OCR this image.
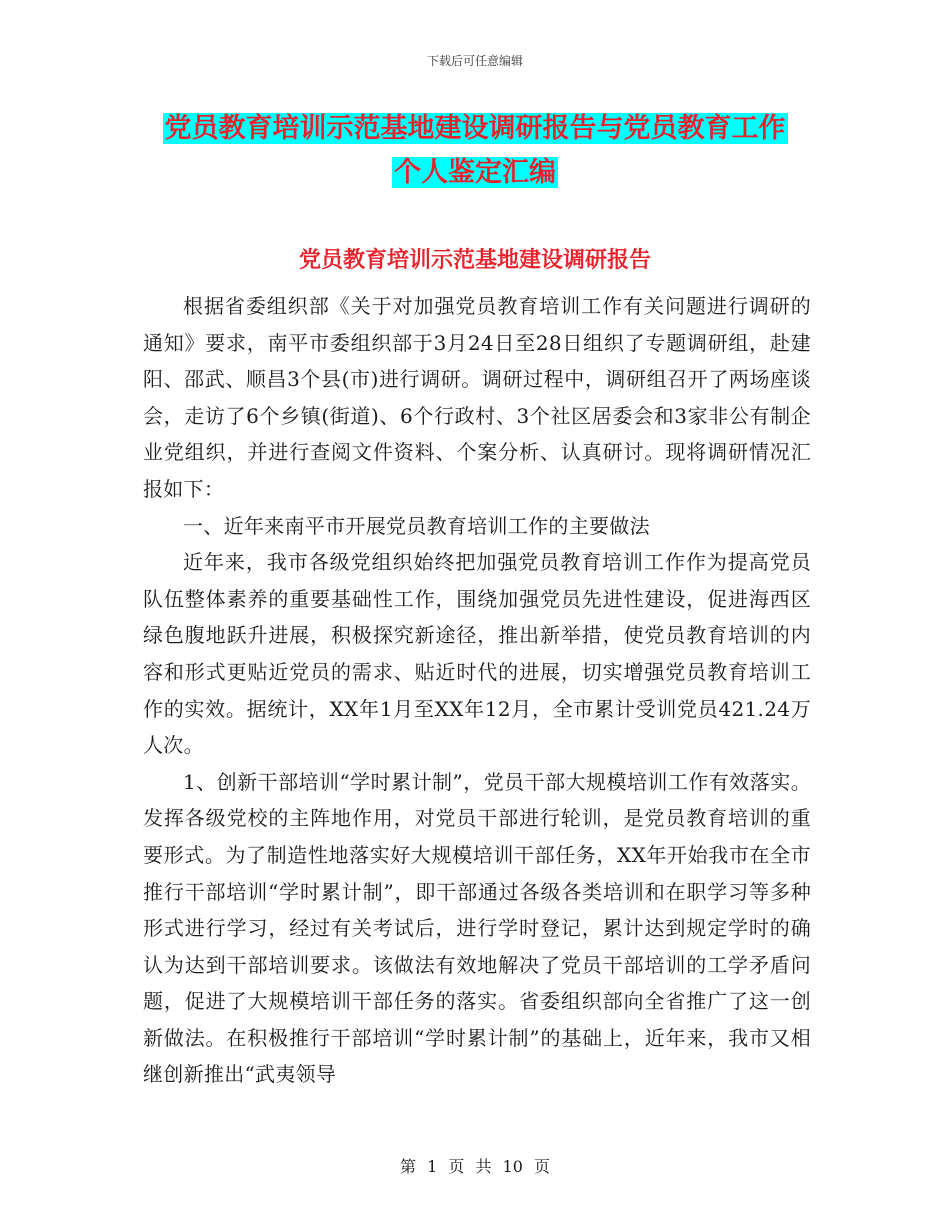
下载后可任意编辑
党员教育培训示范基地建设调研报告与党员教育工作
个人鉴定汇编
党员教育培训示范基地建设调研报告

根据省委组织部《关于对加强党员教育培训工作有关问题进行调研的通知》要求，南平市委组织部于3月24日至28日组织了专题调研组，赴建阳、邵武、顺昌3个县(市)进行调研。调研过程中，调研组召开了两场座谈会，走访了6个乡镇(街道)、6个行政村、3个社区居委会和3家非公有制企业党组织，并进行查阅文件资料、个案分析、认真研讨。现将调研情况汇报如下：

一、近年来南平市开展党员教育培训工作的主要做法

近年来，我市各级党组织始终把加强党员教育培训工作作为提高党员队伍整体素养的重要基础性工作，围绕加强党员先进性建设，促进海西区绿色腹地跃升进展，积极探究新途径，推出新举措，使党员教育培训的内容和形式更贴近党员的需求、贴近时代的进展，切实增强党员教育培训工作的实效。据统计，XX年1月至XX年12月，全市累计受训党员421.24万人次。

1、创新干部培训“学时累计制”，党员干部大规模培训工作有效落实。发挥各级党校的主阵地作用，对党员干部进行轮训，是党员教育培训的重要形式。为了制造性地落实好大规模培训干部任务，XX年开始我市在全市推行干部培训“学时累计制”，即干部通过各级各类培训和在职学习等多种形式进行学习，经过有关考试后，进行学时登记，累计达到规定学时的确认为达到干部培训要求。该做法有效地解决了党员干部培训的工学矛盾问题，促进了大规模培训干部任务的落实。省委组织部向全省推广了这一创新做法。在积极推行干部培训“学时累计制”的基础上，近年来，我市又相继创新推出“武夷领导

第 1 页 共 10 页
